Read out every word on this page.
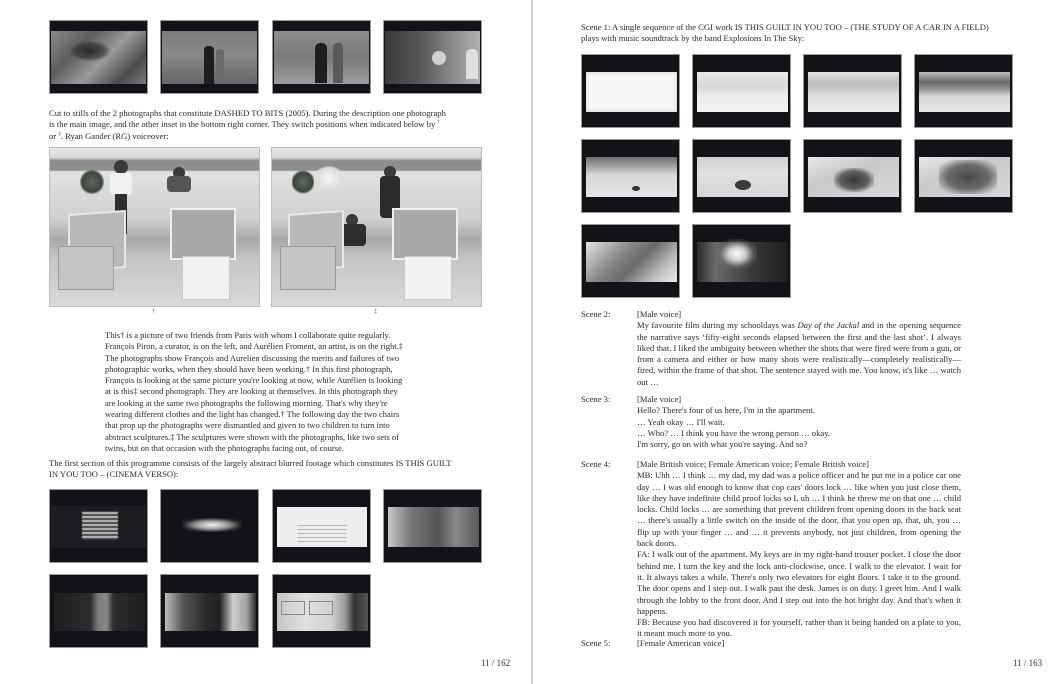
Cut to stills of the 2 photographs that constitute DASHED TO BITS (2005). During the description one photograph
is the main image, and the other inset in the bottom right corner. They switch positions when indicated below by †
or ‡. Ryan Gander (RG) voiceover:
†	‡
This† is a picture of two friends from Paris with whom I collaborate quite regularly.
François Piron, a curator, is on the left, and Aurélien Froment, an artist, is on the right.‡
The photographs show François and Aurelien discussing the merits and failures of two
photographic works, when they should have been working.† In this first photograph,
François is looking at the same picture you're looking at now, while Aurélien is looking
at is this‡ second photograph. They are looking at themselves. In this photograph they
are looking at the same two photographs the following morning. That's why they're
wearing different clothes and the light has changed.† The following day the two chairs
that prop up the photographs were dismantled and given to two children to turn into
abstract sculptures.‡ The sculptures were shown with the photographs, like two sets of
twins, but on that occasion with the photographs facing out, of course.
The first section of this programme consists of the largely abstract blurred footage which constitutes IS THIS GUILT
IN YOU TOO – (CINEMA VERSO):
11 / 162
Scene 1: A single sequence of the CGI work IS THIS GUILT IN YOU TOO – (THE STUDY OF A CAR IN A FIELD)
plays with music soundtrack by the band Explosions In The Sky:
Scene 2:	[Male voice]

My favourite film during my schooldays was Day of the Jackal and in the opening sequence the narrative says ‘fifty-eight seconds elapsed between the first and the last shot’. I always liked that. I liked the ambiguity between whether the shots that were fired were from a gun, or from a camera and either or how many shots were realistically—completely realistically—fired, within the frame of that shot. The sentence stayed with me. You know, it's like … watch out …

Scene 3:	[Male voice]

Hello? There's four of us here, I'm in the apartment.

… Yeah okay … I'll wait.

… Who? … I think you have the wrong person … okay.

I'm sorry, go on with what you're saying. And so?

Scene 4:	[Male British voice; Female American voice; Female British voice]

MB: Uhh … I think … my dad, my dad was a police officer and he put me in a police car one day … I was old enough to know that cop cars' doors lock … like when you just close them, like they have indefinite child proof locks so I, uh … I think he threw me on that one … child locks. Child locks … are something that prevent children from opening doors in the back seat … there's usually a little switch on the inside of the door, that you open up, that, uh, you … flip up with your finger … and … it prevents anybody, not just children, from opening the back doors.

FA: I walk out of the apartment. My keys are in my right-hand trouser pocket. I close the door behind me. I turn the key and the lock anti-clockwise, once. I walk to the elevator. I wait for it. It always takes a while. There's only two elevators for eight floors. I take it to the ground. The door opens and I step out. I walk past the desk. James is on duty. I greet him. And I walk through the lobby to the front door. And I step out into the hot bright day. And that's when it happens.

FB: Because you had discovered it for yourself, rather than it being handed on a plate to you, it meant much more to you.

Scene 5:	[Female American voice]

11 / 163
